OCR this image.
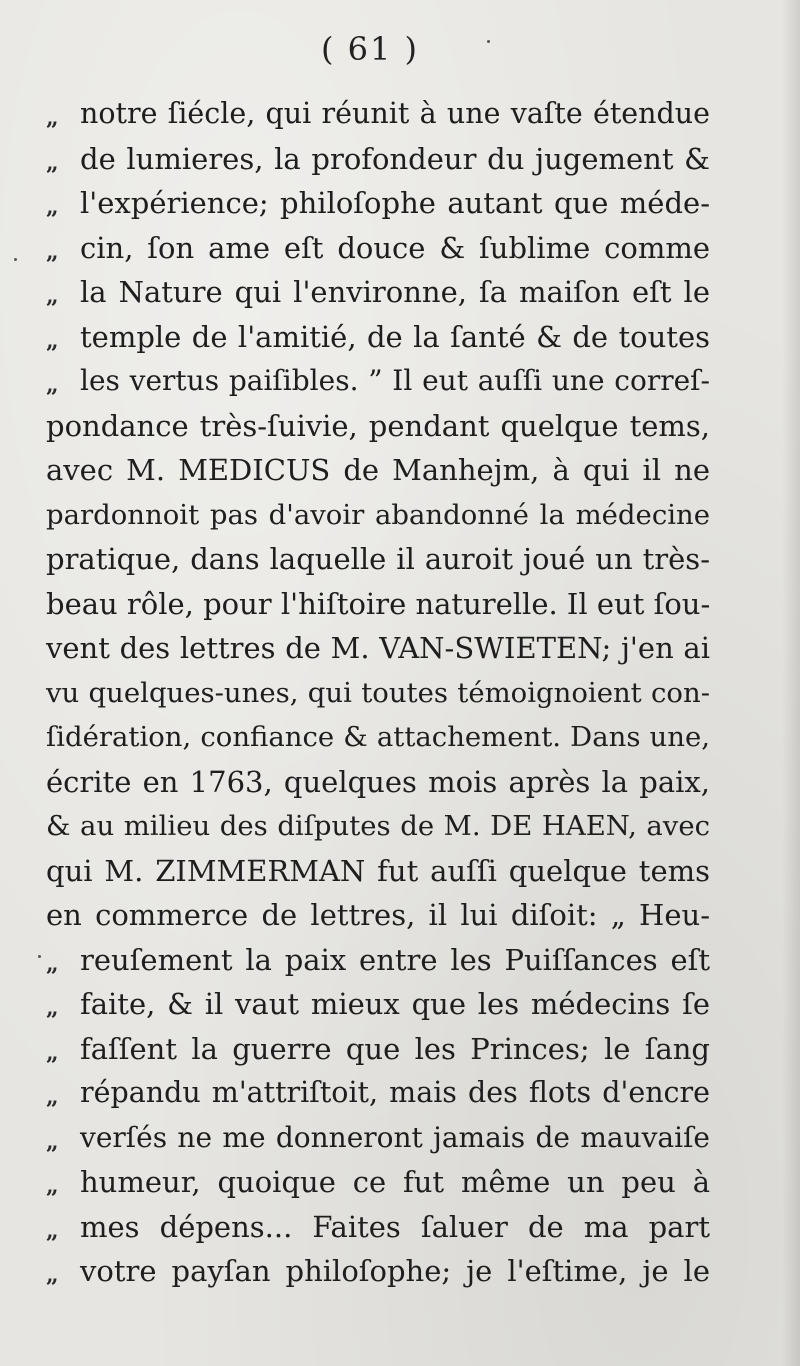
( 61 )
„ notre ſiécle, qui réunit à une vaſte étendue
„ de lumieres, la profondeur du jugement &
„ l'expérience; philoſophe autant que méde-
„ cin, ſon ame eſt douce & ſublime comme
„ la Nature qui l'environne, ſa maiſon eſt le
„ temple de l'amitié, de la ſanté & de toutes
„ les vertus paiſibles. ” Il eut auſſi une correſ-
pondance très-ſuivie, pendant quelque tems,
avec M. MEDICUS de Manhejm, à qui il ne
pardonnoit pas d'avoir abandonné la médecine
pratique, dans laquelle il auroit joué un très-
beau rôle, pour l'hiſtoire naturelle. Il eut ſou-
vent des lettres de M. VAN-SWIETEN; j'en ai
vu quelques-unes, qui toutes témoignoient con-
ſidération, confiance & attachement. Dans une,
écrite en 1763, quelques mois après la paix,
& au milieu des diſputes de M. DE HAEN, avec
qui M. ZIMMERMAN fut auſſi quelque tems
en commerce de lettres, il lui diſoit: „ Heu-
„ reuſement la paix entre les Puiſſances eſt
„ faite, & il vaut mieux que les médecins ſe
„ faſſent la guerre que les Princes; le ſang
„ répandu m'attriſtoit, mais des flots d'encre
„ verſés ne me donneront jamais de mauvaiſe
„ humeur, quoique ce fut même un peu à
„ mes dépens... Faites ſaluer de ma part
„ votre payſan philoſophe; je l'eſtime, je le
